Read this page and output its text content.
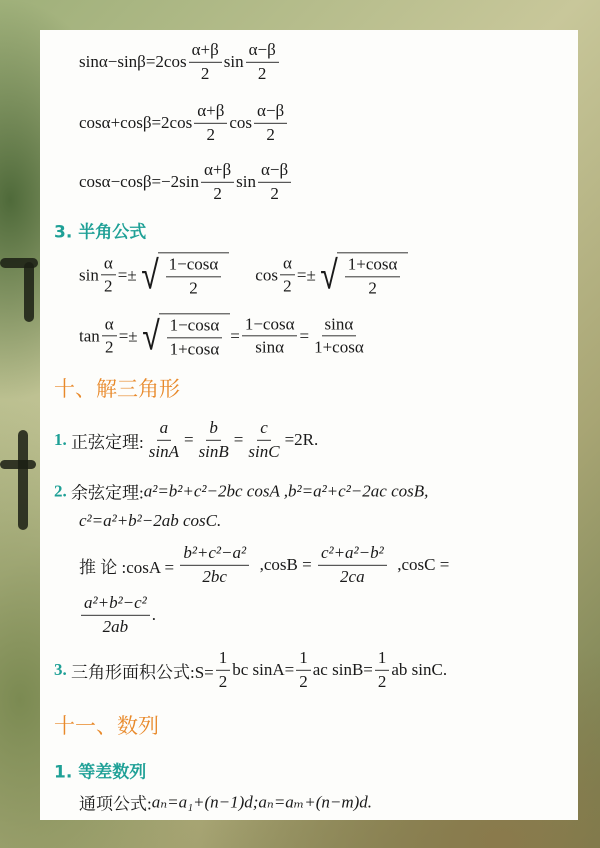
$\sin\alpha-\sin\beta=2\cos \frac{\alpha+\beta}{2}$ $\sin \frac{\alpha-\beta}{2}$
$\cos\alpha+\cos\beta=2\cos \frac{\alpha+\beta}{2}$ $\cos \frac{\alpha-\beta}{2}$
$\cos\alpha-\cos\beta=-2\sin \frac{\alpha+\beta}{2}$ $\sin \frac{\alpha-\beta}{2}$
3. 半角公式
$\sin \frac{\alpha}{2}$ =± √ $\frac{1-\cos\alpha}{2}$ $\cos \frac{\alpha}{2}$ =± √ $\frac{1+\cos\alpha}{2}$
$\tan \frac{\alpha}{2}$ =± √ $\frac{1-\cos\alpha}{1+\cos\alpha} = \frac{1-\cos\alpha}{\sin\alpha} = \frac{\sin\alpha}{1+\cos\alpha}$
十、解三角形
1. 正弦定理: $\frac{a}{\sin A} = \frac{b}{\sin B} = \frac{c}{\sin C} =2R$.
2. 余弦定理: a²=b²+c²−2bc cosA ,b²=a²+c²−2ac cosB,
c²=a²+b²−2ab cosC.
推 论 :cosA = $\frac{\text{b²+c²−a²}}{2bc} ,\cos B = \frac{\text{c²+a²−b²}}{2ca} ,\cos C$ =
$\frac{\text{a²+b²−c²}}{2ab}$ .
3. 三角形面积公式:S= $\frac{1}{2}$ bc $\sin A= \frac{1}{2}$ ac $\sin B= \frac{1}{2}$ ab sinC.
十一、数列
1. 等差数列
通项公式: aₙ=a₁+(n−1)d;aₙ=aₘ+(n−m)d.
